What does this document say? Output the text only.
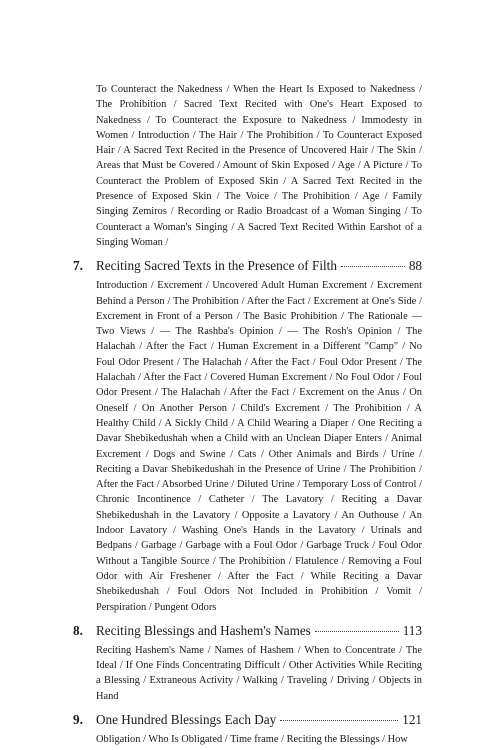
To Counteract the Nakedness / When the Heart Is Exposed to Nakedness / The Prohibition / Sacred Text Recited with One's Heart Exposed to Nakedness / To Counteract the Exposure to Nakedness / Immodesty in Women / Introduction / The Hair / The Prohibition / To Counteract Exposed Hair / A Sacred Text Recited in the Presence of Uncovered Hair / The Skin / Areas that Must be Covered / Amount of Skin Exposed / Age / A Picture / To Counteract the Problem of Exposed Skin / A Sacred Text Recited in the Presence of Exposed Skin / The Voice / The Prohibition / Age / Family Singing Zemiros / Recording or Radio Broadcast of a Woman Singing / To Counteract a Woman's Singing / A Sacred Text Recited Within Earshot of a Singing Woman /

7. Reciting Sacred Texts in the Presence of Filth	88

Introduction / Excrement / Uncovered Adult Human Excrement / Excrement Behind a Person / The Prohibition / After the Fact / Excrement at One's Side / Excrement in Front of a Person / The Basic Prohibition / The Rationale — Two Views / — The Rashba's Opinion / — The Rosh's Opinion / The Halachah / After the Fact / Human Excrement in a Different "Camp" / No Foul Odor Present / The Halachah / After the Fact / Foul Odor Present / The Halachah / After the Fact / Covered Human Excrement / No Foul Odor / Foul Odor Present / The Halachah / After the Fact / Excrement on the Anus / On Oneself / On Another Person / Child's Excrement / The Prohibition / A Healthy Child / A Sickly Child / A Child Wearing a Diaper / One Reciting a Davar Shebikedushah when a Child with an Unclean Diaper Enters / Animal Excrement / Dogs and Swine / Cats / Other Animals and Birds / Urine / Reciting a Davar Shebikedushah in the Presence of Urine / The Prohibition / After the Fact / Absorbed Urine / Diluted Urine / Temporary Loss of Control / Chronic Incontinence / Catheter / The Lavatory / Reciting a Davar Shebikedushah in the Lavatory / Opposite a Lavatory / An Outhouse / An Indoor Lavatory / Washing One's Hands in the Lavatory / Urinals and Bedpans / Garbage / Garbage with a Foul Odor / Garbage Truck / Foul Odor Without a Tangible Source / The Prohibition / Flatulence / Removing a Foul Odor with Air Freshener / After the Fact / While Reciting a Davar Shebikedushah / Foul Odors Not Included in Prohibition / Vomit / Perspiration / Pungent Odors

8. Reciting Blessings and Hashem's Names	113

Reciting Hashem's Name / Names of Hashem / When to Concentrate / The Ideal / If One Finds Concentrating Difficult / Other Activities While Reciting a Blessing / Extraneous Activity / Walking / Traveling / Driving / Objects in Hand

9. One Hundred Blessings Each Day	121

Obligation / Who Is Obligated / Time frame / Reciting the Blessings / How
